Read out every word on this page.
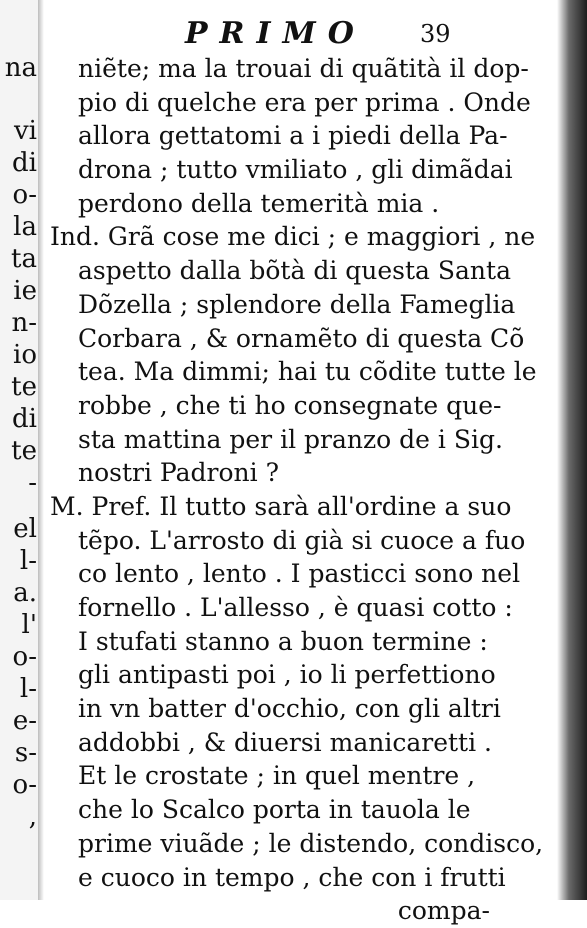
na
vi
di
o-
la
ta
ie
n-
io
te
di
te
-
el
l-
a.
l'
o-
l-
e-
s-
o-
,
PRIMO 39
niẽte; ma la trouai di quãtità il dop-
pio di quelche era per prima . Onde
allora gettatomi a i piedi della Pa-
drona ; tutto vmiliato , gli dimãdai
perdono della temerità mia .
Ind. Grã cose me dici ; e maggiori , ne
aspetto dalla bõtà di questa Santa
Dõzella ; splendore della Fameglia
Corbara , & ornamẽto di questa Cõ
tea. Ma dimmi; hai tu cõdite tutte le
robbe , che ti ho consegnate que-
sta mattina per il pranzo de i Sig.
nostri Padroni ?
M. Pref. Il tutto sarà all'ordine a suo
tẽpo. L'arrosto di già si cuoce a fuo
co lento , lento . I pasticci sono nel
fornello . L'allesso , è quasi cotto :
I stufati stanno a buon termine :
gli antipasti poi , io li perfettiono
in vn batter d'occhio, con gli altri
addobbi , & diuersi manicaretti .
Et le crostate ; in quel mentre ,
che lo Scalco porta in tauola le
prime viuãde ; le distendo, condisco,
e cuoco in tempo , che con i frutti
compa-
